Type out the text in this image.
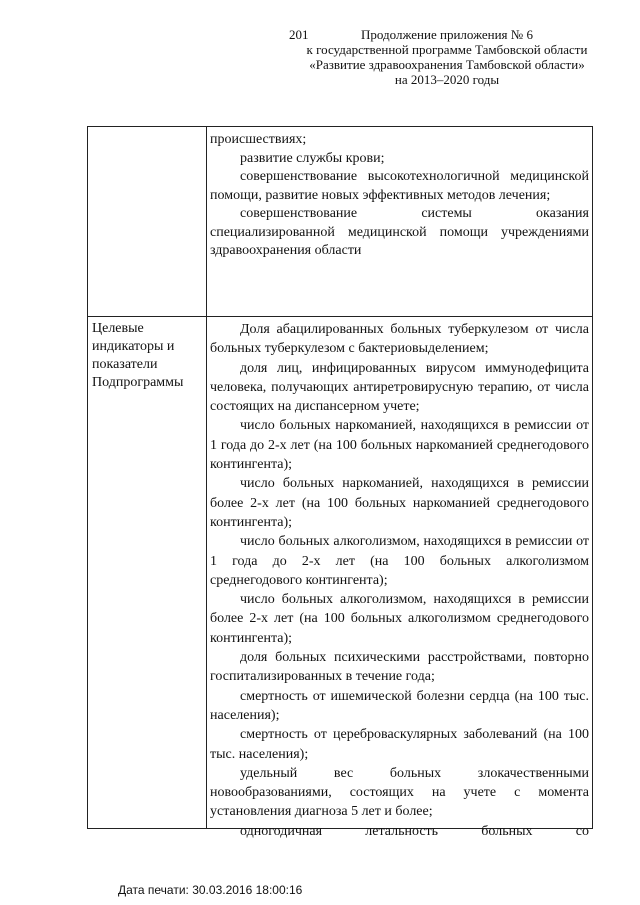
201	Продолжение приложения № 6
к государственной программе Тамбовской области
«Развитие здравоохранения Тамбовской области»
на 2013–2020 годы
происшествиях;
развитие службы крови;
совершенствование высокотехнологичной медицинской помощи, развитие новых эффективных методов лечения;
совершенствование системы оказания специализированной медицинской помощи учреждениями здравоохранения области
Целевые
индикаторы и
показатели
Подпрограммы
Доля абацилированных больных туберкулезом от числа больных туберкулезом с бактериовыделением;
доля лиц, инфицированных вирусом иммунодефицита человека, получающих антиретровирусную терапию, от числа состоящих на диспансерном учете;
число больных наркоманией, находящихся в ремиссии от 1 года до 2-х лет (на 100 больных наркоманией среднегодового контингента);
число больных наркоманией, находящихся в ремиссии более 2-х лет (на 100 больных наркоманией среднегодового контингента);
число больных алкоголизмом, находящихся в ремиссии от 1 года до 2-х лет (на 100 больных алкоголизмом среднегодового контингента);
число больных алкоголизмом, находящихся в ремиссии более 2-х лет (на 100 больных алкоголизмом среднегодового контингента);
доля больных психическими расстройствами, повторно госпитализированных в течение года;
смертность от ишемической болезни сердца (на 100 тыс. населения);
смертность от цереброваскулярных заболеваний (на 100 тыс. населения);
удельный вес больных злокачественными новообразованиями, состоящих на учете с момента установления диагноза 5 лет и более;
одногодичная летальность больных со
Дата печати: 30.03.2016 18:00:16
